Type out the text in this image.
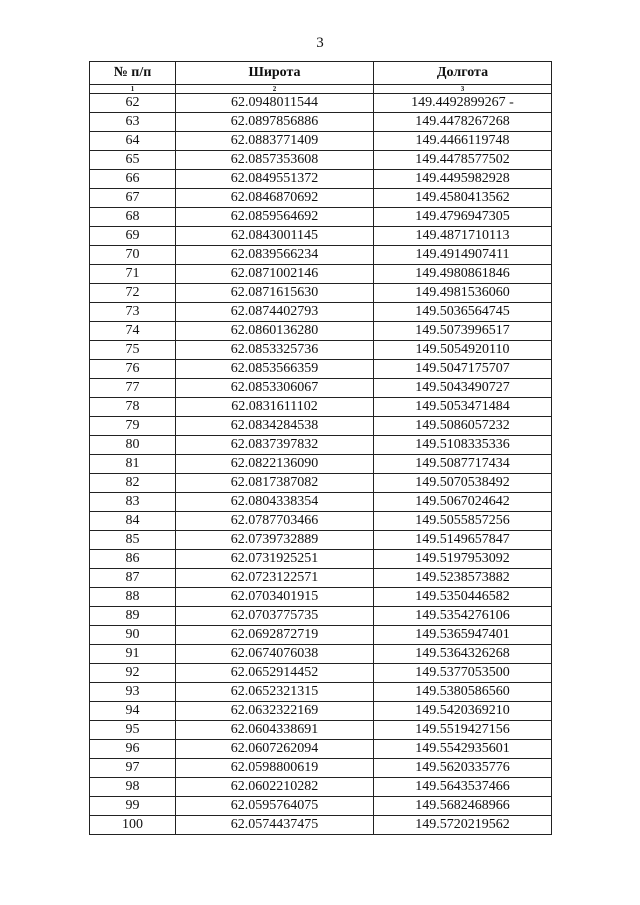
3
№ п/п	Широта	Долгота
1	2	3
62	62.0948011544	149.4492899267 -
63	62.0897856886	149.4478267268
64	62.0883771409	149.4466119748
65	62.0857353608	149.4478577502
66	62.0849551372	149.4495982928
67	62.0846870692	149.4580413562
68	62.0859564692	149.4796947305
69	62.0843001145	149.4871710113
70	62.0839566234	149.4914907411
71	62.0871002146	149.4980861846
72	62.0871615630	149.4981536060
73	62.0874402793	149.5036564745
74	62.0860136280	149.5073996517
75	62.0853325736	149.5054920110
76	62.0853566359	149.5047175707
77	62.0853306067	149.5043490727
78	62.0831611102	149.5053471484
79	62.0834284538	149.5086057232
80	62.0837397832	149.5108335336
81	62.0822136090	149.5087717434
82	62.0817387082	149.5070538492
83	62.0804338354	149.5067024642
84	62.0787703466	149.5055857256
85	62.0739732889	149.5149657847
86	62.0731925251	149.5197953092
87	62.0723122571	149.5238573882
88	62.0703401915	149.5350446582
89	62.0703775735	149.5354276106
90	62.0692872719	149.5365947401
91	62.0674076038	149.5364326268
92	62.0652914452	149.5377053500
93	62.0652321315	149.5380586560
94	62.0632322169	149.5420369210
95	62.0604338691	149.5519427156
96	62.0607262094	149.5542935601
97	62.0598800619	149.5620335776
98	62.0602210282	149.5643537466
99	62.0595764075	149.5682468966
100	62.0574437475	149.5720219562
